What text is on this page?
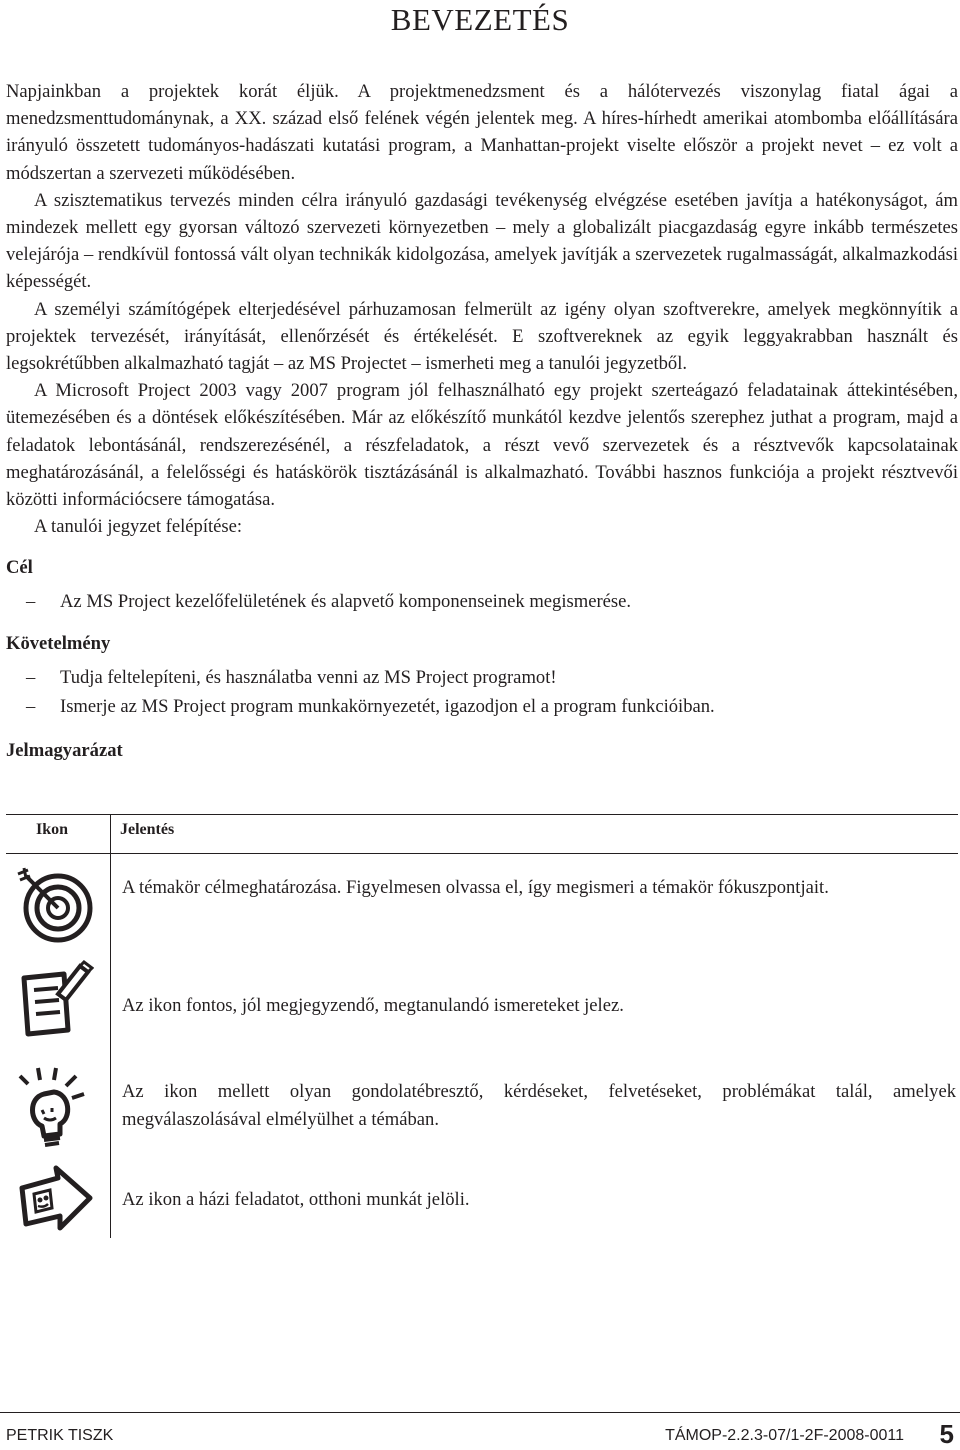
BEVEZETÉS

Napjainkban a projektek korát éljük. A projektmenedzsment és a hálótervezés viszonylag fiatal ágai a menedzsmenttudománynak, a XX. század első felének végén jelentek meg. A híres-hírhedt amerikai atombomba előállítására irányuló összetett tudományos-hadászati kutatási program, a Manhattan-projekt viselte először a projekt nevet – ez volt a módszertan a szervezeti működésében.

A szisztematikus tervezés minden célra irányuló gazdasági tevékenység elvégzése esetében javítja a hatékonyságot, ám mindezek mellett egy gyorsan változó szervezeti környezetben – mely a globalizált piacgazdaság egyre inkább természetes velejárója – rendkívül fontossá vált olyan technikák kidolgozása, amelyek javítják a szervezetek rugalmasságát, alkalmazkodási képességét.

A személyi számítógépek elterjedésével párhuzamosan felmerült az igény olyan szoftverekre, amelyek megkönnyítik a projektek tervezését, irányítását, ellenőrzését és értékelését. E szoftvereknek az egyik leggyakrabban használt és legsokrétűbben alkalmazható tagját – az MS Projectet – ismerheti meg a tanulói jegyzetből.

A Microsoft Project 2003 vagy 2007 program jól felhasználható egy projekt szerteágazó feladatainak áttekintésében, ütemezésében és a döntések előkészítésében. Már az előkészítő munkától kezdve jelentős szerephez juthat a program, majd a feladatok lebontásánál, rendszerezésénél, a részfeladatok, a részt vevő szervezetek és a résztvevők kapcsolatainak meghatározásánál, a felelősségi és hatáskörök tisztázásánál is alkalmazható. További hasznos funkciója a projekt résztvevői közötti információcsere támogatása.

A tanulói jegyzet felépítése:

Cél

– Az MS Project kezelőfelületének és alapvető komponenseinek megismerése.

Követelmény

– Tudja feltelepíteni, és használatba venni az MS Project programot!
– Ismerje az MS Project program munkakörnyezetét, igazodjon el a program funkcióiban.

Jelmagyarázat

Ikon	Jelentés
A témakör célmeghatározása. Figyelmesen olvassa el, így megismeri a témakör fókuszpontjait.
Az ikon fontos, jól megjegyzendő, megtanulandó ismereteket jelez.
Az ikon mellett olyan gondolatébresztő, kérdéseket, felvetéseket, problémákat talál, amelyek megválaszolásával elmélyülhet a témában.
Az ikon a házi feladatot, otthoni munkát jelöli.
PETRIK TISZK	TÁMOP-2.2.3-07/1-2F-2008-0011 5
